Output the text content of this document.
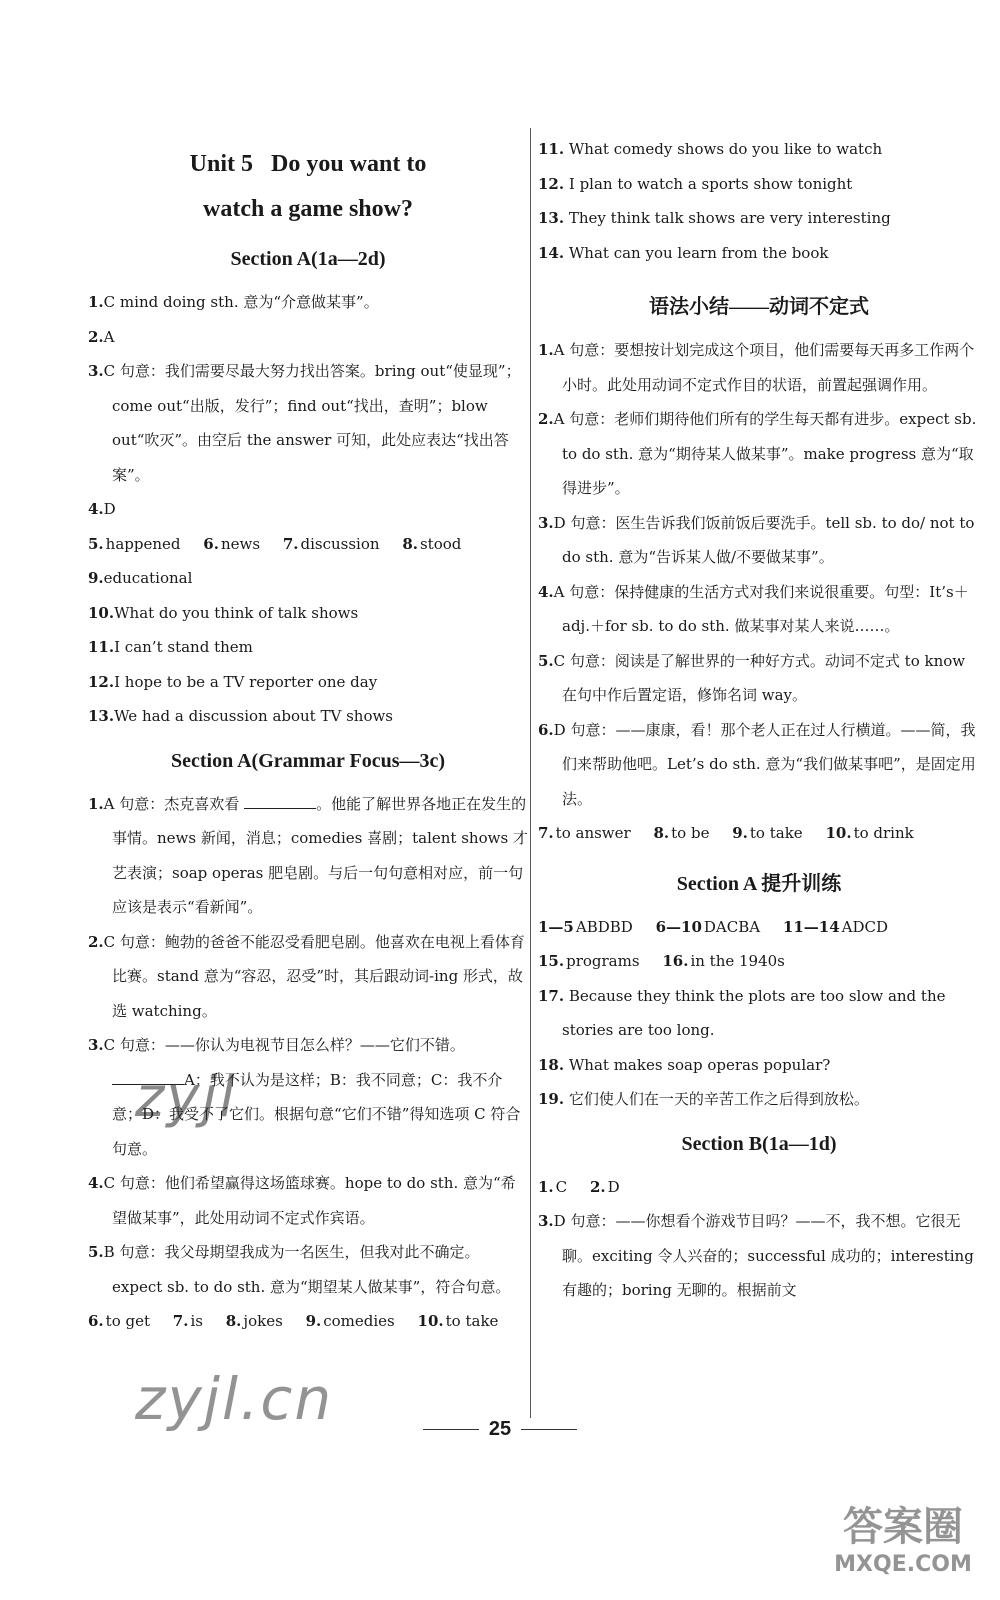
Unit 5   Do you want to
watch a game show?
Section A(1a—2d)
1.C mind doing sth. 意为“介意做某事”。
2.A
3.C 句意：我们需要尽最大努力找出答案。bring out“使显现”；come out“出版，发行”；find out“找出，查明”；blow out“吹灭”。由空后 the answer 可知，此处应表达“找出答案”。
4.D
5. happened 6. news 7. discussion 8. stood
9.educational
10.What do you think of talk shows
11.I can’t stand them
12.I hope to be a TV reporter one day
13.We had a discussion about TV shows
Section A(Grammar Focus—3c)
1.A 句意：杰克喜欢看	。他能了解世界各地正在发生的事情。news 新闻，消息；comedies 喜剧；talent shows 才艺表演；soap operas 肥皂剧。与后一句句意相对应，前一句应该是表示“看新闻”。
2.C 句意：鲍勃的爸爸不能忍受看肥皂剧。他喜欢在电视上看体育比赛。stand 意为“容忍，忍受”时，其后跟动词-ing 形式，故选 watching。
3.C 句意：——你认为电视节目怎么样？——它们不错。A：我不认为是这样；B：我不同意；C：我不介意；D：我受不了它们。根据句意“它们不错”得知选项 C 符合句意。
4.C 句意：他们希望赢得这场篮球赛。hope to do sth. 意为“希望做某事”，此处用动词不定式作宾语。
5.B 句意：我父母期望我成为一名医生，但我对此不确定。expect sb. to do sth. 意为“期望某人做某事”，符合句意。
6. to get 7. is 8. jokes 9. comedies 10. to take
11. What comedy shows do you like to watch
12. I plan to watch a sports show tonight
13. They think talk shows are very interesting
14. What can you learn from the book
语法小结——动词不定式
1.A 句意：要想按计划完成这个项目，他们需要每天再多工作两个小时。此处用动词不定式作目的状语，前置起强调作用。
2.A 句意：老师们期待他们所有的学生每天都有进步。expect sb. to do sth. 意为“期待某人做某事”。make progress 意为“取得进步”。
3.D 句意：医生告诉我们饭前饭后要洗手。tell sb. to do/ not to do sth. 意为“告诉某人做/不要做某事”。
4.A 句意：保持健康的生活方式对我们来说很重要。句型：It’s＋adj.＋for sb. to do sth. 做某事对某人来说……。
5.C 句意：阅读是了解世界的一种好方式。动词不定式 to know 在句中作后置定语，修饰名词 way。
6.D 句意：——康康，看！那个老人正在过人行横道。——简，我们来帮助他吧。Let’s do sth. 意为“我们做某事吧”，是固定用法。
7. to answer 8. to be 9. to take 10. to drink
Section A 提升训练
1—5 ABDBD 6—10 DACBA 11—14 ADCD
15. programs 16. in the 1940s
17. Because they think the plots are too slow and the stories are too long.
18. What makes soap operas popular?
19. 它们使人们在一天的辛苦工作之后得到放松。
Section B(1a—1d)
1. C 2. D
3.D 句意：——你想看个游戏节目吗？——不，我不想。它很无聊。exciting 令人兴奋的；successful 成功的；interesting 有趣的；boring 无聊的。根据前文
25
zyjl
zyjl.cn
答案圈
MXQE.COM
